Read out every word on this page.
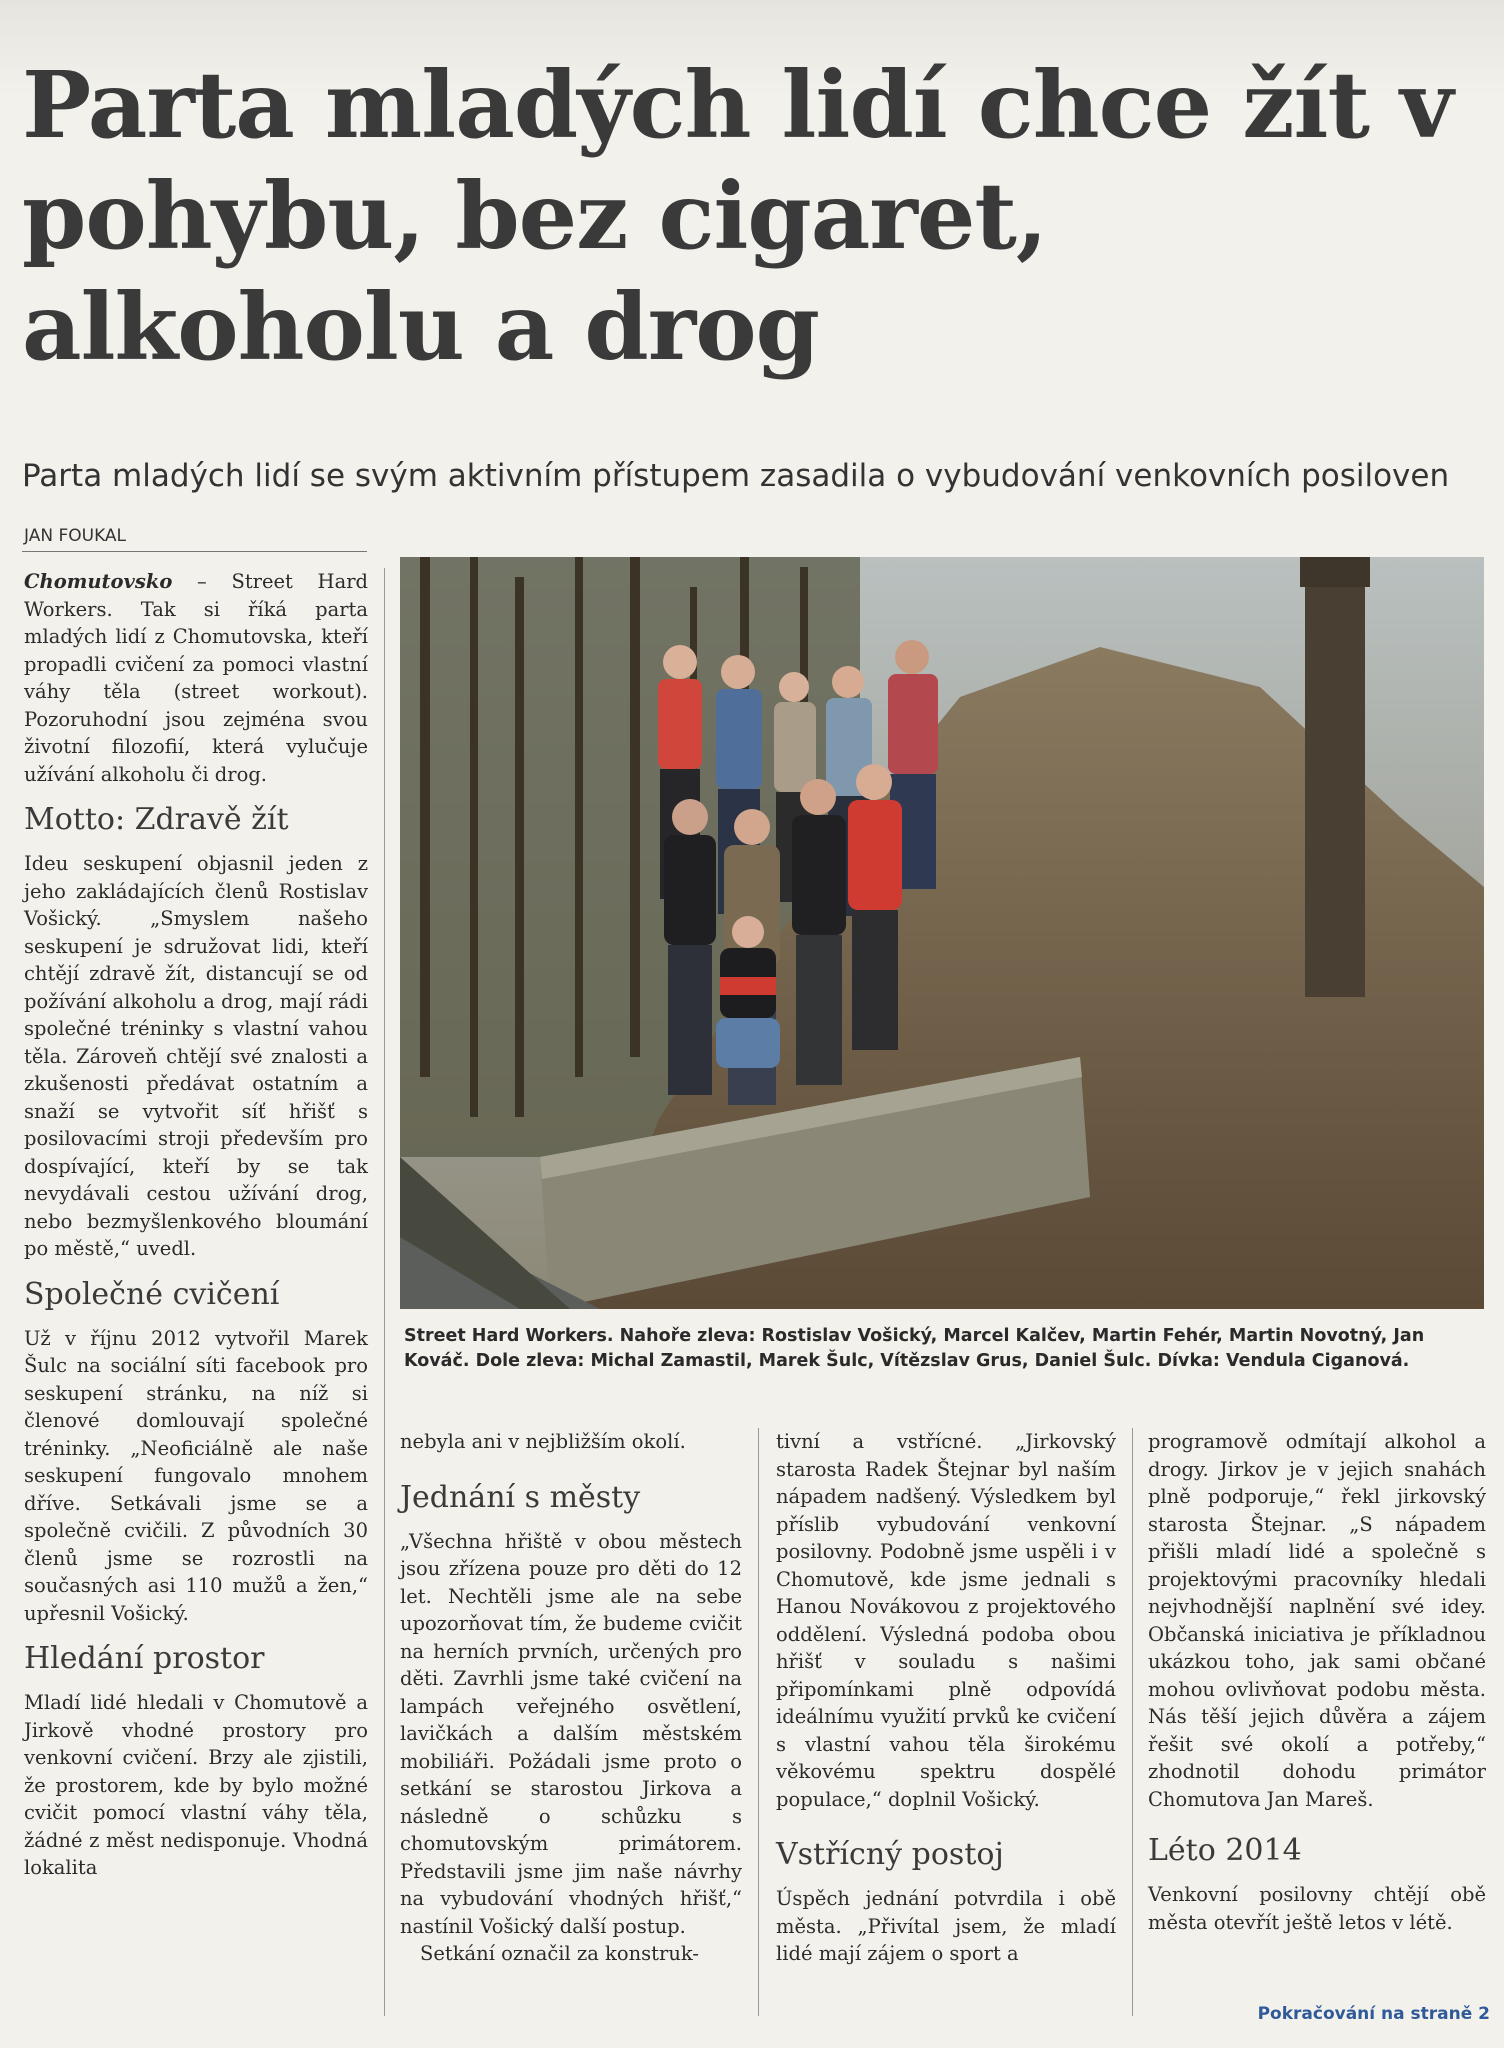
Parta mladých lidí chce žít v pohybu, bez cigaret, alkoholu a drog

Parta mladých lidí se svým aktivním přístupem zasadila o vybudování venkovních posiloven

JAN FOUKAL

Chomutovsko – Street Hard Workers. Tak si říká parta mladých lidí z Chomutovska, kteří propadli cvičení za pomoci vlastní váhy těla (street workout). Pozoruhodní jsou zejména svou životní filozofií, která vylučuje užívání alkoholu či drog.

Motto: Zdravě žít

Ideu seskupení objasnil jeden z jeho zakládajících členů Rostislav Vošický. „Smyslem našeho seskupení je sdružovat lidi, kteří chtějí zdravě žít, distancují se od požívání alkoholu a drog, mají rádi společné tréninky s vlastní vahou těla. Zároveň chtějí své znalosti a zkušenosti předávat ostatním a snaží se vytvořit síť hřišť s posilovacími stroji především pro dospívající, kteří by se tak nevydávali cestou užívání drog, nebo bezmyšlenkového bloumání po městě,“ uvedl.

Společné cvičení

Už v říjnu 2012 vytvořil Marek Šulc na sociální síti facebook pro seskupení stránku, na níž si členové domlouvají společné tréninky. „Neoficiálně ale naše seskupení fungovalo mnohem dříve. Setkávali jsme se a společně cvičili. Z původních 30 členů jsme se rozrostli na současných asi 110 mužů a žen,“ upřesnil Vošický.

Hledání prostor

Mladí lidé hledali v Chomutově a Jirkově vhodné prostory pro venkovní cvičení. Brzy ale zjistili, že prostorem, kde by bylo možné cvičit pomocí vlastní váhy těla, žádné z měst nedisponuje. Vhodná lokalita

Street Hard Workers. Nahoře zleva: Rostislav Vošický, Marcel Kalčev, Martin Fehér, Martin Novotný, Jan Kováč. Dole zleva: Michal Zamastil, Marek Šulc, Vítězslav Grus, Daniel Šulc. Dívka: Vendula Ciganová.

nebyla ani v nejbližším okolí.

Jednání s městy

„Všechna hřiště v obou městech jsou zřízena pouze pro děti do 12 let. Nechtěli jsme ale na sebe upozorňovat tím, že budeme cvičit na herních prvních, určených pro děti. Zavrhli jsme také cvičení na lampách veřejného osvětlení, lavičkách a dalším městském mobiliáři. Požádali jsme proto o setkání se starostou Jirkova a následně o schůzku s chomutovským primátorem. Představili jsme jim naše návrhy na vybudování vhodných hřišť,“ nastínil Vošický další postup.

Setkání označil za konstruk-

tivní a vstřícné. „Jirkovský starosta Radek Štejnar byl naším nápadem nadšený. Výsledkem byl příslib vybudování venkovní posilovny. Podobně jsme uspěli i v Chomutově, kde jsme jednali s Hanou Novákovou z projektového oddělení. Výsledná podoba obou hřišť v souladu s našimi připomínkami plně odpovídá ideálnímu využití prvků ke cvičení s vlastní vahou těla širokému věkovému spektru dospělé populace,“ doplnil Vošický.

Vstřícný postoj

Úspěch jednání potvrdila i obě města. „Přivítal jsem, že mladí lidé mají zájem o sport a

programově odmítají alkohol a drogy. Jirkov je v jejich snahách plně podporuje,“ řekl jirkovský starosta Štejnar. „S nápadem přišli mladí lidé a společně s projektovými pracovníky hledali nejvhodnější naplnění své idey. Občanská iniciativa je příkladnou ukázkou toho, jak sami občané mohou ovlivňovat podobu města. Nás těší jejich důvěra a zájem řešit své okolí a potřeby,“ zhodnotil dohodu primátor Chomutova Jan Mareš.

Léto 2014

Venkovní posilovny chtějí obě města otevřít ještě letos v létě.

Pokračování na straně 2
